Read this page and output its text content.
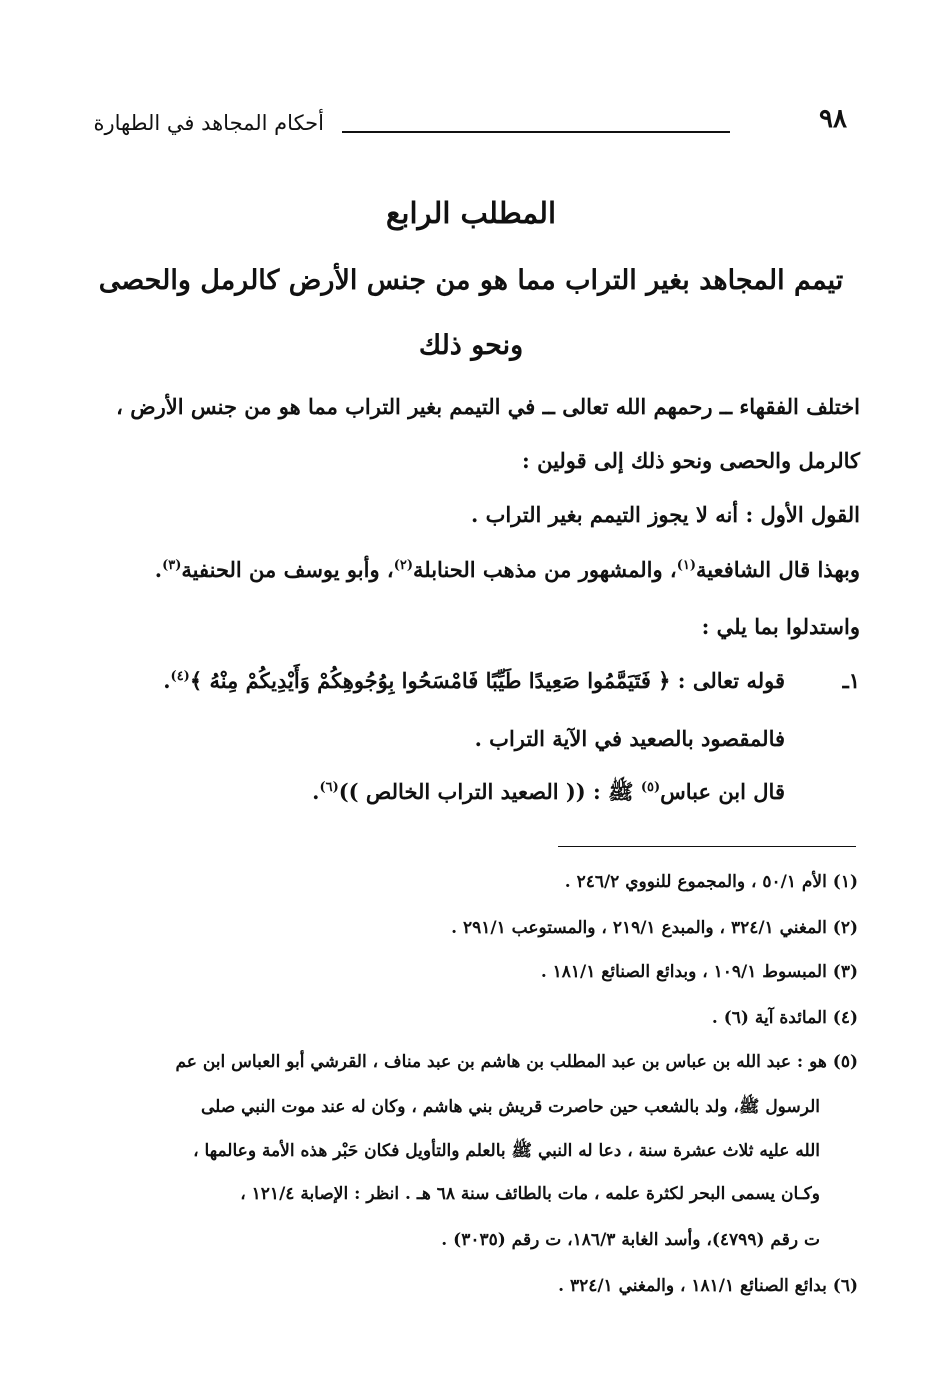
٩٨
أحكام المجاهد في الطهارة
المطلب الرابع
تيمم المجاهد بغير التراب مما هو من جنس الأرض كالرمل والحصى
ونحو ذلك
اختلف الفقهاء ــ رحمهم الله تعالى ــ في التيمم بغير التراب مما هو من جنس الأرض ،
كالرمل والحصى ونحو ذلك إلى قولين :
القول الأول : أنه لا يجوز التيمم بغير التراب .
وبهذا قال الشافعية$^{(١)}$، والمشهور من مذهب الحنابلة$^{(٢)}$، وأبو يوسف من الحنفية$^{(٣)}$.
واستدلوا بما يلي :
١ـ
قوله تعالى : ﴿ فَتَيَمَّمُوا صَعِيدًا طَيِّبًا فَامْسَحُوا بِوُجُوهِكُمْ وَأَيْدِيكُمْ مِنْهُ ﴾$^{(٤)}$.
فالمقصود بالصعيد في الآية التراب .
قال ابن عباس$^{(٥)}$ ﷺ : (( الصعيد التراب الخالص ))$^{(٦)}$.
(١) الأم ٥٠/١ ، والمجموع للنووي ٢٤٦/٢ .
(٢) المغني ٣٢٤/١ ، والمبدع ٢١٩/١ ، والمستوعب ٢٩١/١ .
(٣) المبسوط ١٠٩/١ ، وبدائع الصنائع ١٨١/١ .
(٤) المائدة آية (٦) .
(٥) هو : عبد الله بن عباس بن عبد المطلب بن هاشم بن عبد مناف ، القرشي أبو العباس ابن عم
الرسول ﷺ، ولد بالشعب حين حاصرت قريش بني هاشم ، وكان له عند موت النبي صلى
الله عليه ثلاث عشرة سنة ، دعا له النبي ﷺ بالعلم والتأويل فكان حَبْر هذه الأمة وعالمها ،
وكـان يسمى البحر لكثرة علمه ، مات بالطائف سنة ٦٨ هـ . انظر : الإصابة ١٢١/٤ ،
ت رقم (٤٧٩٩)، وأسد الغابة ١٨٦/٣، ت رقم (٣٠٣٥) .
(٦) بدائع الصنائع ١٨١/١ ، والمغني ٣٢٤/١ .
